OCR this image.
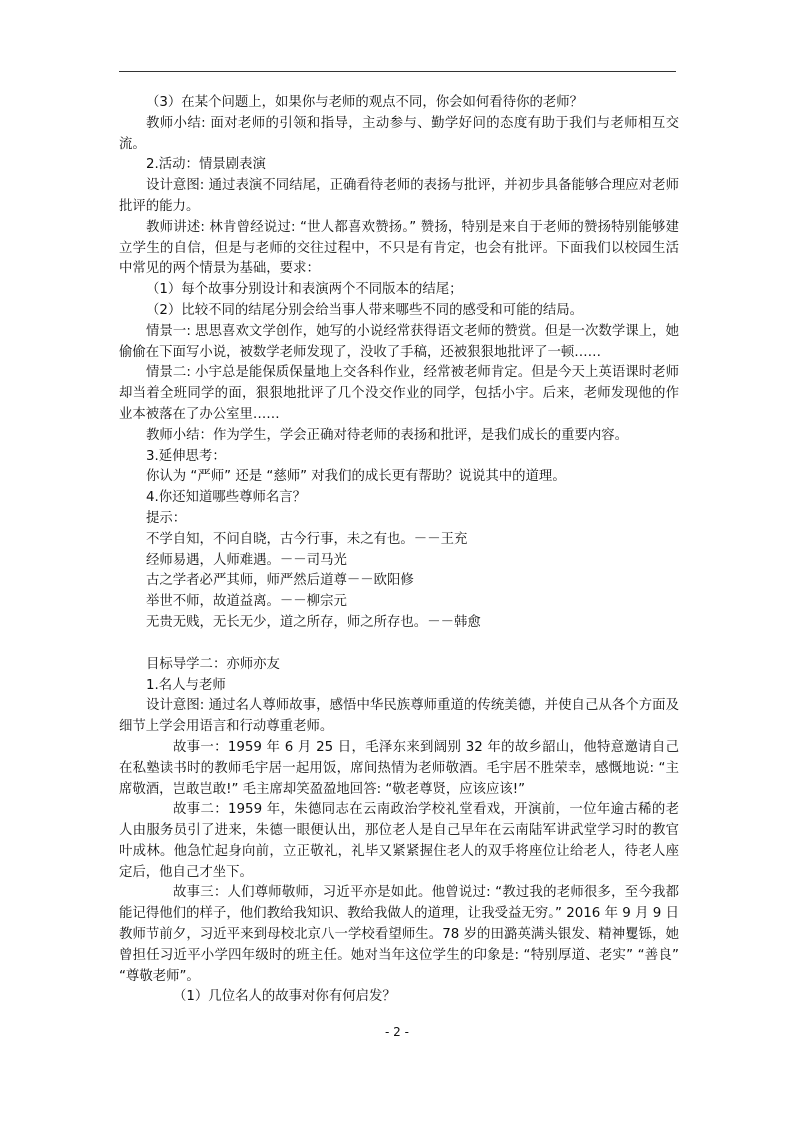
（3）在某个问题上，如果你与老师的观点不同，你会如何看待你的老师？

教师小结: 面对老师的引领和指导，主动参与、勤学好问的态度有助于我们与老师相互交流。

2.活动：情景剧表演

设计意图: 通过表演不同结尾，正确看待老师的表扬与批评，并初步具备能够合理应对老师批评的能力。

教师讲述: 林肯曾经说过: “世人都喜欢赞扬。” 赞扬，特别是来自于老师的赞扬特别能够建立学生的自信，但是与老师的交往过程中，不只是有肯定，也会有批评。下面我们以校园生活中常见的两个情景为基础，要求：

（1）每个故事分别设计和表演两个不同版本的结尾；

（2）比较不同的结尾分别会给当事人带来哪些不同的感受和可能的结局。

情景一: 思思喜欢文学创作，她写的小说经常获得语文老师的赞赏。但是一次数学课上，她偷偷在下面写小说，被数学老师发现了，没收了手稿，还被狠狠地批评了一顿……

情景二: 小宇总是能保质保量地上交各科作业，经常被老师肯定。但是今天上英语课时老师却当着全班同学的面，狠狠地批评了几个没交作业的同学，包括小宇。后来，老师发现他的作业本被落在了办公室里……

教师小结：作为学生，学会正确对待老师的表扬和批评，是我们成长的重要内容。

3.延伸思考：

你认为 “严师” 还是 “慈师” 对我们的成长更有帮助？说说其中的道理。

4.你还知道哪些尊师名言？

提示：

不学自知，不问自晓，古今行事，未之有也。－－王充

经师易遇，人师难遇。－－司马光

古之学者必严其师，师严然后道尊－－欧阳修

举世不师，故道益离。－－柳宗元

无贵无贱，无长无少，道之所存，师之所存也。－－韩愈

目标导学二：亦师亦友

1.名人与老师

设计意图: 通过名人尊师故事，感悟中华民族尊师重道的传统美德，并使自己从各个方面及细节上学会用语言和行动尊重老师。

故事一：1959 年 6 月 25 日，毛泽东来到阔别 32 年的故乡韶山，他特意邀请自己在私塾读书时的教师毛宇居一起用饭，席间热情为老师敬酒。毛宇居不胜荣幸，感慨地说: “主席敬酒，岂敢岂敢!” 毛主席却笑盈盈地回答: “敬老尊贤，应该应该!”

故事二：1959 年，朱德同志在云南政治学校礼堂看戏，开演前，一位年逾古稀的老人由服务员引了进来，朱德一眼便认出，那位老人是自己早年在云南陆军讲武堂学习时的教官叶成林。他急忙起身向前，立正敬礼，礼毕又紧紧握住老人的双手将座位让给老人，待老人座定后，他自己才坐下。

故事三：人们尊师敬师，习近平亦是如此。他曾说过: “教过我的老师很多，至今我都能记得他们的样子，他们教给我知识、教给我做人的道理，让我受益无穷。” 2016 年 9 月 9 日教师节前夕，习近平来到母校北京八一学校看望师生。78 岁的田潞英满头银发、精神矍铄，她曾担任习近平小学四年级时的班主任。她对当年这位学生的印象是: “特别厚道、老实” “善良” “尊敬老师”。

（1）几位名人的故事对你有何启发？

- 2 -
